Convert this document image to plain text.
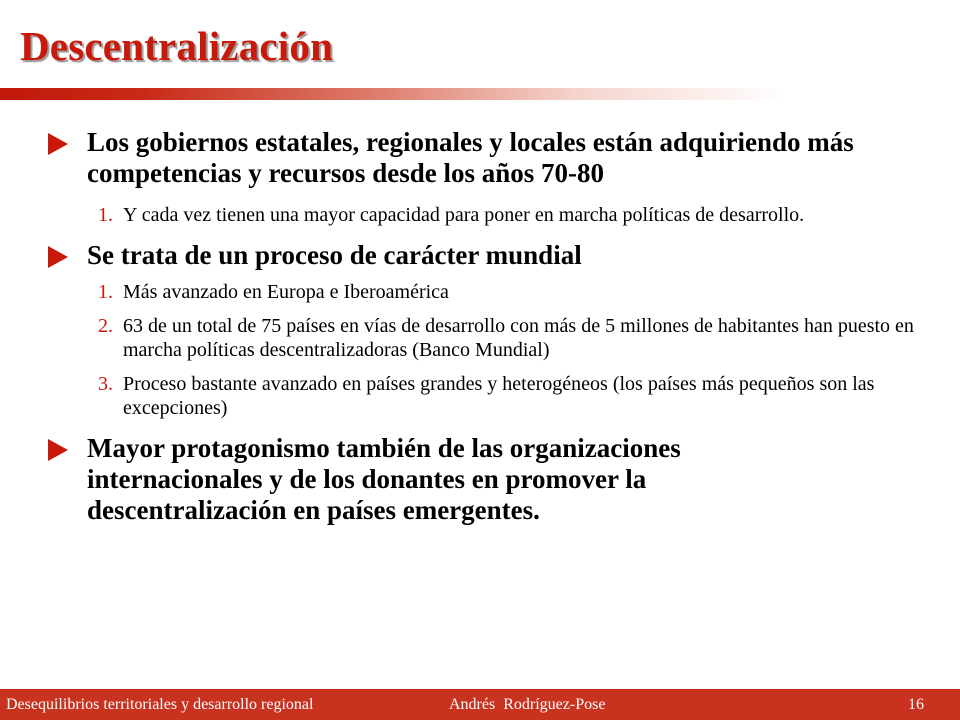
Descentralización
Los gobiernos estatales, regionales y locales están adquiriendo más competencias y recursos desde los años 70-80
1. Y cada vez tienen una mayor capacidad para poner en marcha políticas de desarrollo.
Se trata de un proceso de carácter mundial
1. Más avanzado en Europa e Iberoamérica
2. 63 de un total de 75 países en vías de desarrollo con más de 5 millones de habitantes han puesto en marcha políticas descentralizadoras (Banco Mundial)
3. Proceso bastante avanzado en países grandes y heterogéneos (los países más pequeños son las excepciones)
Mayor protagonismo también de las organizaciones internacionales y de los donantes en promover la descentralización en países emergentes.
Desequilibrios territoriales y desarrollo regional	Andrés  Rodríguez-Pose	16
